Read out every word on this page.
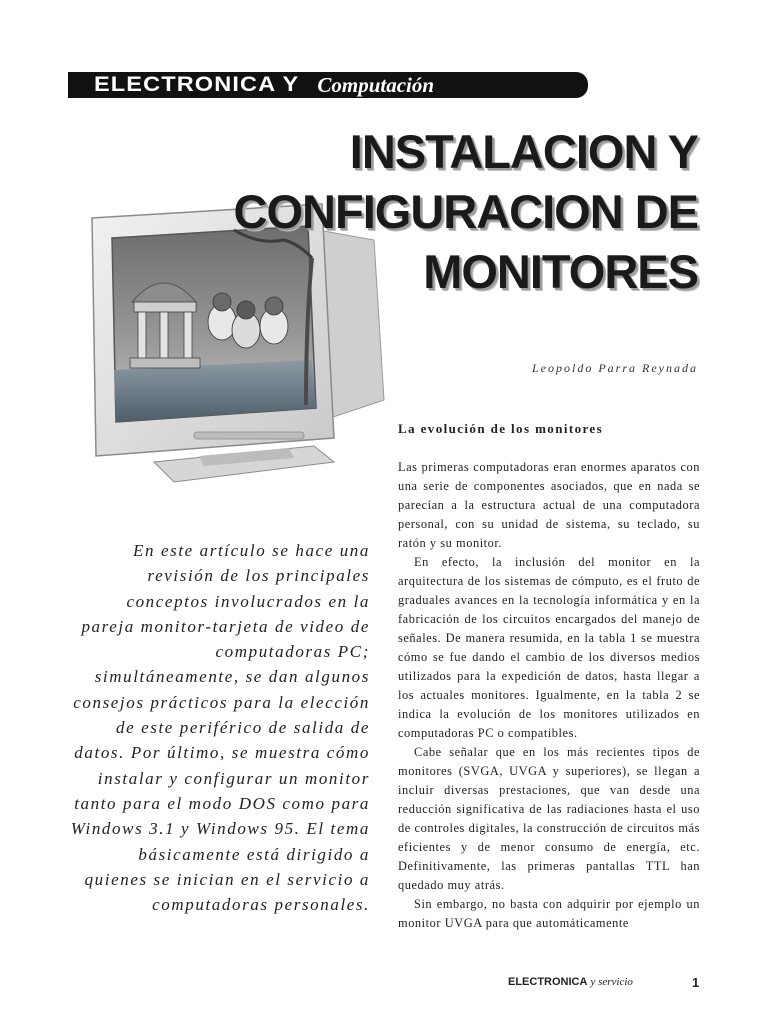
ELECTRONICA Y Computación
INSTALACION Y
CONFIGURACION DE
MONITORES
Leopoldo Parra Reynada
La evolución de los monitores
En este artículo se hace una revisión de los principales conceptos involucrados en la pareja monitor-tarjeta de video de computadoras PC; simultáneamente, se dan algunos consejos prácticos para la elección de este periférico de salida de datos. Por último, se muestra cómo instalar y configurar un monitor tanto para el modo DOS como para Windows 3.1 y Windows 95. El tema básicamente está dirigido a quienes se inician en el servicio a computadoras personales.

Las primeras computadoras eran enormes aparatos con una serie de componentes asociados, que en nada se parecían a la estructura actual de una computadora personal, con su unidad de sistema, su teclado, su ratón y su monitor.

En efecto, la inclusión del monitor en la arquitectura de los sistemas de cómputo, es el fruto de graduales avances en la tecnología informática y en la fabricación de los circuitos encargados del manejo de señales. De manera resumida, en la tabla 1 se muestra cómo se fue dando el cambio de los diversos medios utilizados para la expedición de datos, hasta llegar a los actuales monitores. Igualmente, en la tabla 2 se indica la evolución de los monitores utilizados en computadoras PC o compatibles.

Cabe señalar que en los más recientes tipos de monitores (SVGA, UVGA y superiores), se llegan a incluir diversas prestaciones, que van desde una reducción significativa de las radiaciones hasta el uso de controles digitales, la construcción de circuitos más eficientes y de menor consumo de energía, etc. Definitivamente, las primeras pantallas TTL han quedado muy atrás.

Sin embargo, no basta con adquirir por ejemplo un monitor UVGA para que automáticamente

ELECTRONICA y servicio	1
